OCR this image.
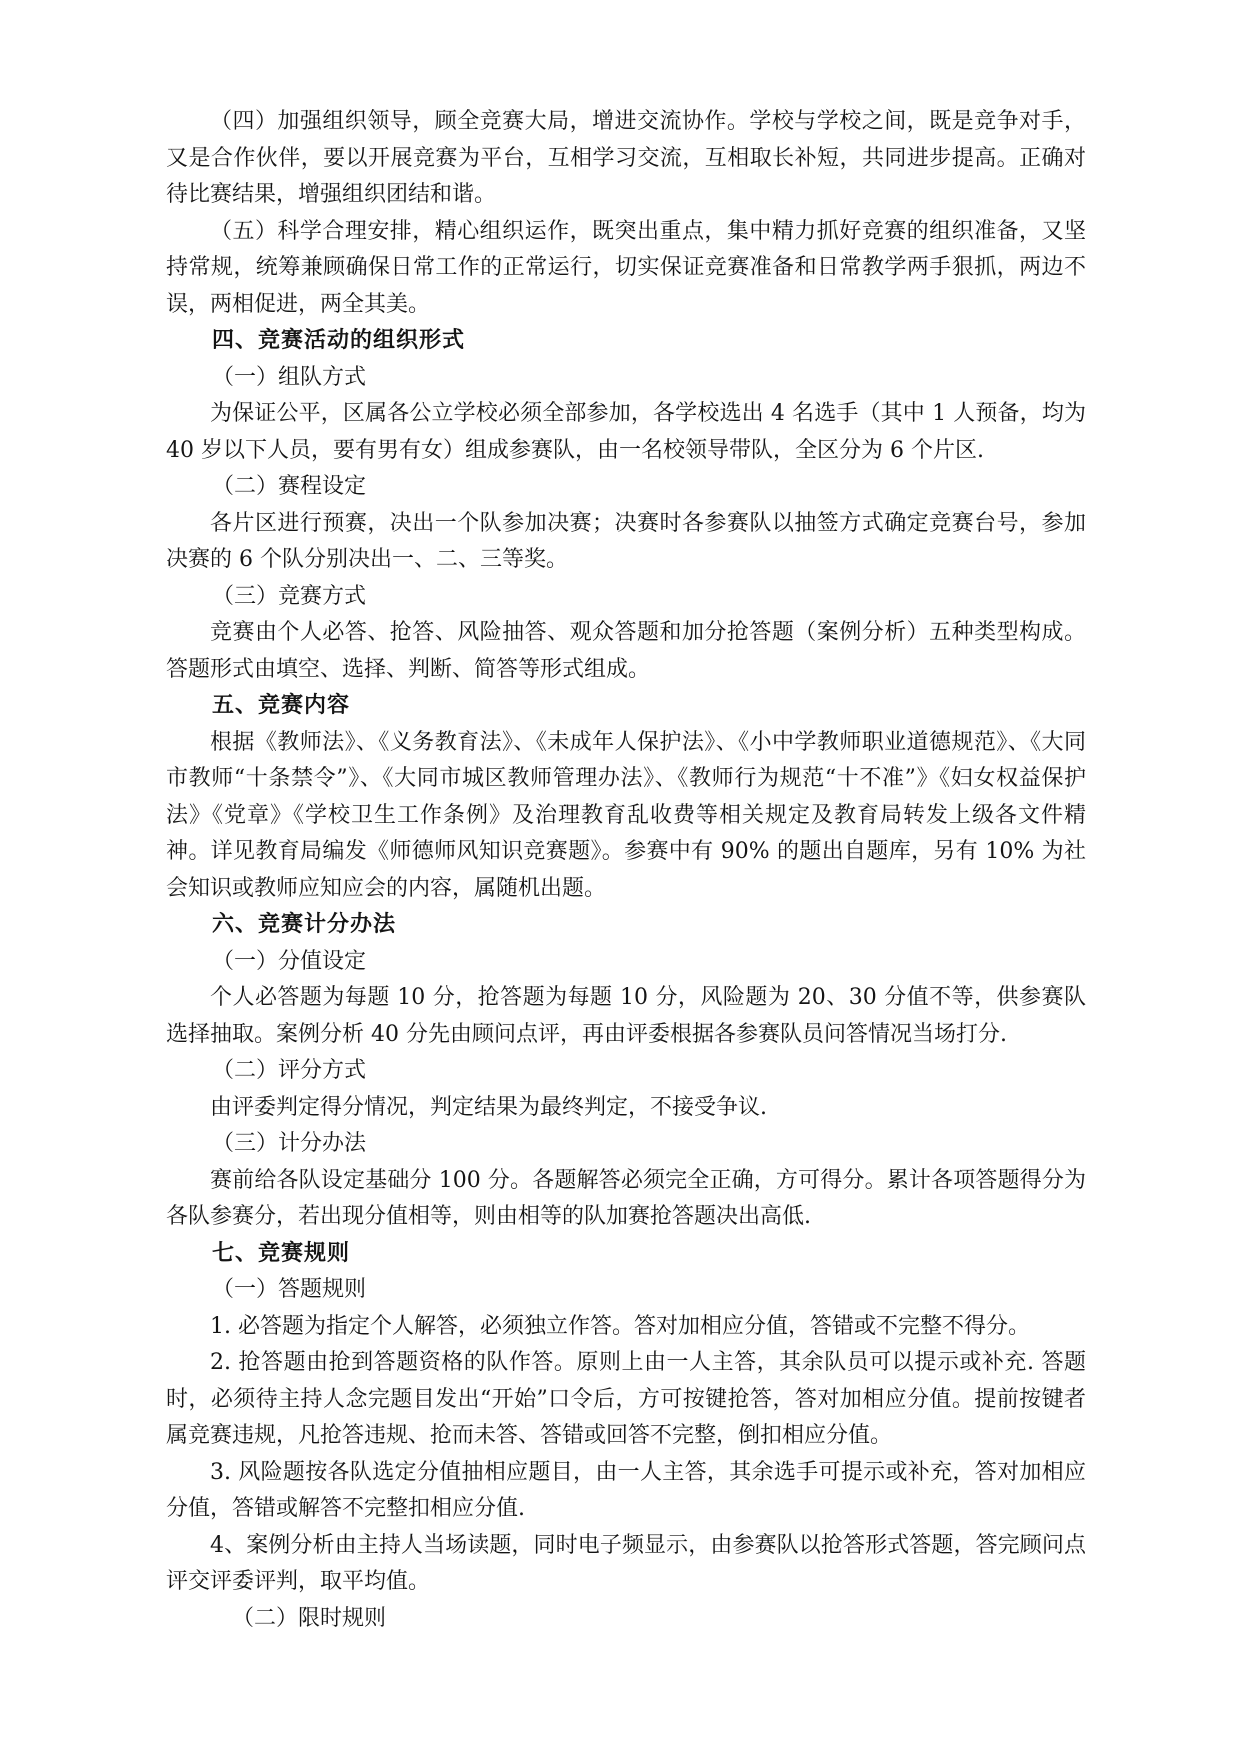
（四）加强组织领导，顾全竞赛大局，增进交流协作。学校与学校之间，既是竞争对手，又是合作伙伴，要以开展竞赛为平台，互相学习交流，互相取长补短，共同进步提高。正确对待比赛结果，增强组织团结和谐。

（五）科学合理安排，精心组织运作，既突出重点，集中精力抓好竞赛的组织准备，又坚持常规，统筹兼顾确保日常工作的正常运行，切实保证竞赛准备和日常教学两手狠抓，两边不误，两相促进，两全其美。

四、竞赛活动的组织形式

（一）组队方式

为保证公平，区属各公立学校必须全部参加，各学校选出 4 名选手（其中 1 人预备，均为 40 岁以下人员，要有男有女）组成参赛队，由一名校领导带队，全区分为 6 个片区.

（二）赛程设定

各片区进行预赛，决出一个队参加决赛；决赛时各参赛队以抽签方式确定竞赛台号，参加决赛的 6 个队分别决出一、二、三等奖。

（三）竞赛方式

竞赛由个人必答、抢答、风险抽答、观众答题和加分抢答题（案例分析）五种类型构成。答题形式由填空、选择、判断、简答等形式组成。

五、竞赛内容

根据《教师法》、《义务教育法》、《未成年人保护法》、《小中学教师职业道德规范》、《大同市教师“十条禁令”》、《大同市城区教师管理办法》、《教师行为规范“十不准”》《妇女权益保护法》《党章》《学校卫生工作条例》及治理教育乱收费等相关规定及教育局转发上级各文件精神。详见教育局编发《师德师风知识竞赛题》。参赛中有 90% 的题出自题库，另有 10% 为社会知识或教师应知应会的内容，属随机出题。

六、竞赛计分办法

（一）分值设定

个人必答题为每题 10 分，抢答题为每题 10 分，风险题为 20、30 分值不等，供参赛队选择抽取。案例分析 40 分先由顾问点评，再由评委根据各参赛队员问答情况当场打分.

（二）评分方式

由评委判定得分情况，判定结果为最终判定，不接受争议.

（三）计分办法

赛前给各队设定基础分 100 分。各题解答必须完全正确，方可得分。累计各项答题得分为各队参赛分，若出现分值相等，则由相等的队加赛抢答题决出高低.

七、竞赛规则

（一）答题规则

1. 必答题为指定个人解答，必须独立作答。答对加相应分值，答错或不完整不得分。

2. 抢答题由抢到答题资格的队作答。原则上由一人主答，其余队员可以提示或补充. 答题时，必须待主持人念完题目发出“开始”口令后，方可按键抢答，答对加相应分值。提前按键者属竞赛违规，凡抢答违规、抢而未答、答错或回答不完整，倒扣相应分值。

3. 风险题按各队选定分值抽相应题目，由一人主答，其余选手可提示或补充，答对加相应分值，答错或解答不完整扣相应分值.

4、案例分析由主持人当场读题，同时电子频显示，由参赛队以抢答形式答题，答完顾问点评交评委评判，取平均值。

（二）限时规则
